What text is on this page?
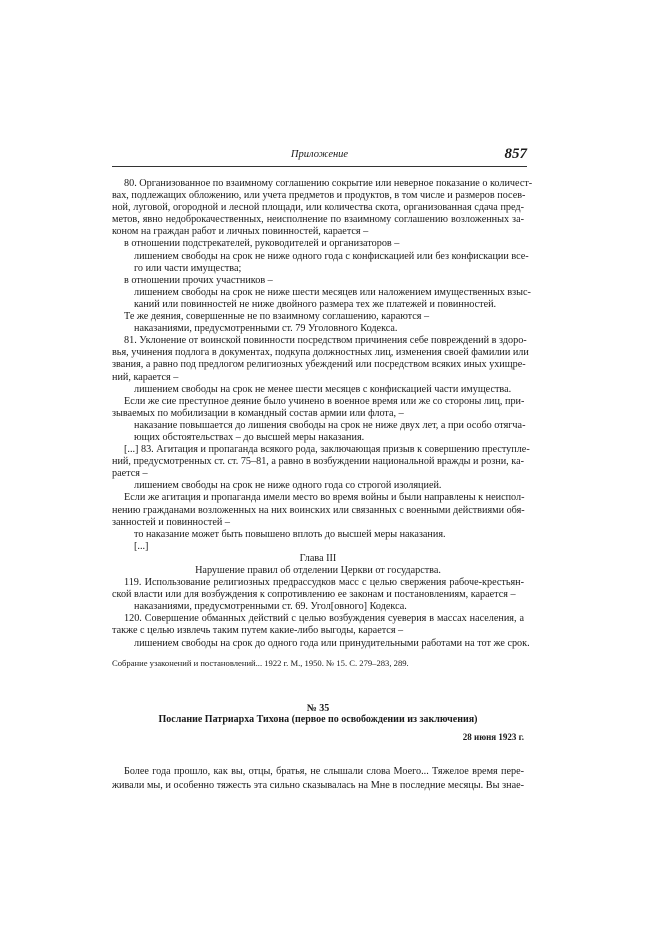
Приложение	857
80. Организованное по взаимному соглашению сокрытие или неверное показание о количест-
вах, подлежащих обложению, или учета предметов и продуктов, в том числе и размеров посев-
ной, луговой, огородной и лесной площади, или количества скота, организованная сдача пред-
метов, явно недоброкачественных, неисполнение по взаимному соглашению возложенных за-
коном на граждан работ и личных повинностей, карается –
в отношении подстрекателей, руководителей и организаторов –
лишением свободы на срок не ниже одного года с конфискацией или без конфискации все-
го или части имущества;
в отношении прочих участников –
лишением свободы на срок не ниже шести месяцев или наложением имущественных взыс-
каний или повинностей не ниже двойного размера тех же платежей и повинностей.
Те же деяния, совершенные не по взаимному соглашению, караются –
наказаниями, предусмотренными ст. 79 Уголовного Кодекса.
81. Уклонение от воинской повинности посредством причинения себе повреждений в здоро-
вья, учинения подлога в документах, подкупа должностных лиц, изменения своей фамилии или
звания, а равно под предлогом религиозных убеждений или посредством всяких иных ухищре-
ний, карается –
лишением свободы на срок не менее шести месяцев с конфискацией части имущества.
Если же сие преступное деяние было учинено в военное время или же со стороны лиц, при-
зываемых по мобилизации в командный состав армии или флота, –
наказание повышается до лишения свободы на срок не ниже двух лет, а при особо отягча-
ющих обстоятельствах – до высшей меры наказания.
[...] 83. Агитация и пропаганда всякого рода, заключающая призыв к совершению преступле-
ний, предусмотренных ст. ст. 75–81, а равно в возбуждении национальной вражды и розни, ка-
рается –
лишением свободы на срок не ниже одного года со строгой изоляцией.
Если же агитация и пропаганда имели место во время войны и были направлены к неиспол-
нению гражданами возложенных на них воинских или связанных с военными действиями обя-
занностей и повинностей –
то наказание может быть повышено вплоть до высшей меры наказания.
[...]
Глава III
Нарушение правил об отделении Церкви от государства.
119. Использование религиозных предрассудков масс с целью свержения рабоче-крестьян-
ской власти или для возбуждения к сопротивлению ее законам и постановлениям, карается –
наказаниями, предусмотренными ст. 69. Угол[овного] Кодекса.
120. Совершение обманных действий с целью возбуждения суеверия в массах населения, а
также с целью извлечь таким путем какие-либо выгоды, карается –
лишением свободы на срок до одного года или принудительными работами на тот же срок.
Собрание узаконений и постановлений... 1922 г. М., 1950. № 15. С. 279–283, 289.
№ 35
Послание Патриарха Тихона (первое по освобождении из заключения)
28 июня 1923 г.
Более года прошло, как вы, отцы, братья, не слышали слова Моего... Тяжелое время пере-
живали мы, и особенно тяжесть эта сильно сказывалась на Мне в последние месяцы. Вы знае-
